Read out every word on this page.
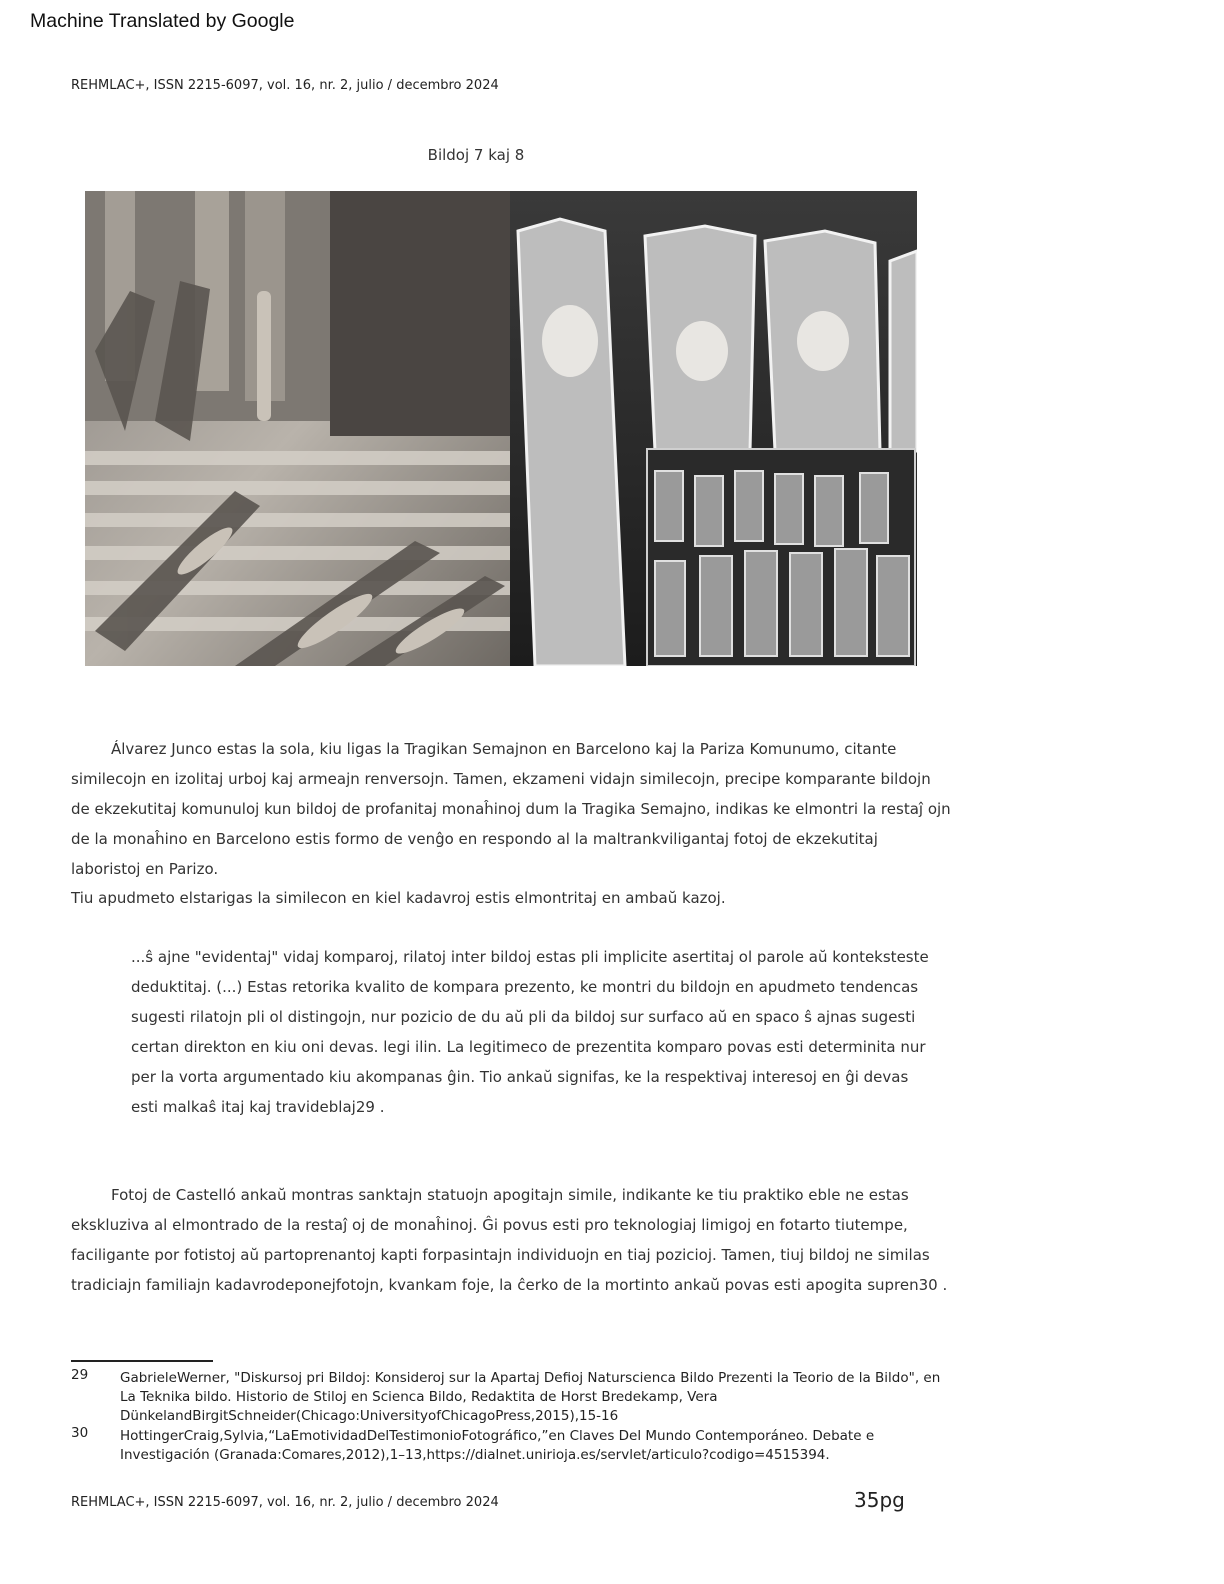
Machine Translated by Google
REHMLAC+, ISSN 2215-6097, vol. 16, nr. 2, julio / decembro 2024
Bildoj 7 kaj 8
Álvarez Junco estas la sola, kiu ligas la Tragikan Semajnon en Barcelono kaj la Pariza Komunumo, citante similecojn en izolitaj urboj kaj armeajn renversojn. Tamen, ekzameni vidajn similecojn, precipe komparante bildojn de ekzekutitaj komunuloj kun bildoj de profanitaj monaĥinoj dum la Tragika Semajno, indikas ke elmontri la restaĵ ojn de la monaĥino en Barcelono estis formo de venĝo en respondo al la maltrankviligantaj fotoj de ekzekutitaj laboristoj en Parizo.
Tiu apudmeto elstarigas la similecon en kiel kadavroj estis elmontritaj en ambaŭ kazoj.
...ŝ ajne "evidentaj" vidaj komparoj, rilatoj inter bildoj estas pli implicite asertitaj ol parole aŭ konteksteste deduktitaj. (...) Estas retorika kvalito de kompara prezento, ke montri du bildojn en apudmeto tendencas sugesti rilatojn pli ol distingojn, nur pozicio de du aŭ pli da bildoj sur surfaco aŭ en spaco ŝ ajnas sugesti certan direkton en kiu oni devas. legi ilin. La legitimeco de prezentita komparo povas esti determinita nur per la vorta argumentado kiu akompanas ĝin. Tio ankaŭ signifas, ke la respektivaj interesoj en ĝi devas esti malkaŝ itaj kaj travideblaj29 .
Fotoj de Castelló ankaŭ montras sanktajn statuojn apogitajn simile, indikante ke tiu praktiko eble ne estas ekskluziva al elmontrado de la restaĵ oj de monaĥinoj. Ĝi povus esti pro teknologiaj limigoj en fotarto tiutempe, faciligante por fotistoj aŭ partoprenantoj kapti forpasintajn individuojn en tiaj pozicioj. Tamen, tiuj bildoj ne similas tradiciajn familiajn kadavrodeponejfotojn, kvankam foje, la ĉerko de la mortinto ankaŭ povas esti apogita supren30 .
29 GabrieleWerner, "Diskursoj pri Bildoj: Konsideroj sur la Apartaj Defioj Naturscienca Bildo Prezenti la Teorio de la Bildo", en La Teknika bildo. Historio de Stiloj en Scienca Bildo, Redaktita de Horst Bredekamp, Vera DünkelandBirgitSchneider(Chicago:UniversityofChicagoPress,2015),15-16
30 HottingerCraig,Sylvia,“LaEmotividadDelTestimonioFotográfico,”en Claves Del Mundo Contemporáneo. Debate e Investigación (Granada:Comares,2012),1–13,https://dialnet.unirioja.es/servlet/articulo?codigo=4515394.
REHMLAC+, ISSN 2215-6097, vol. 16, nr. 2, julio / decembro 2024	35pg
